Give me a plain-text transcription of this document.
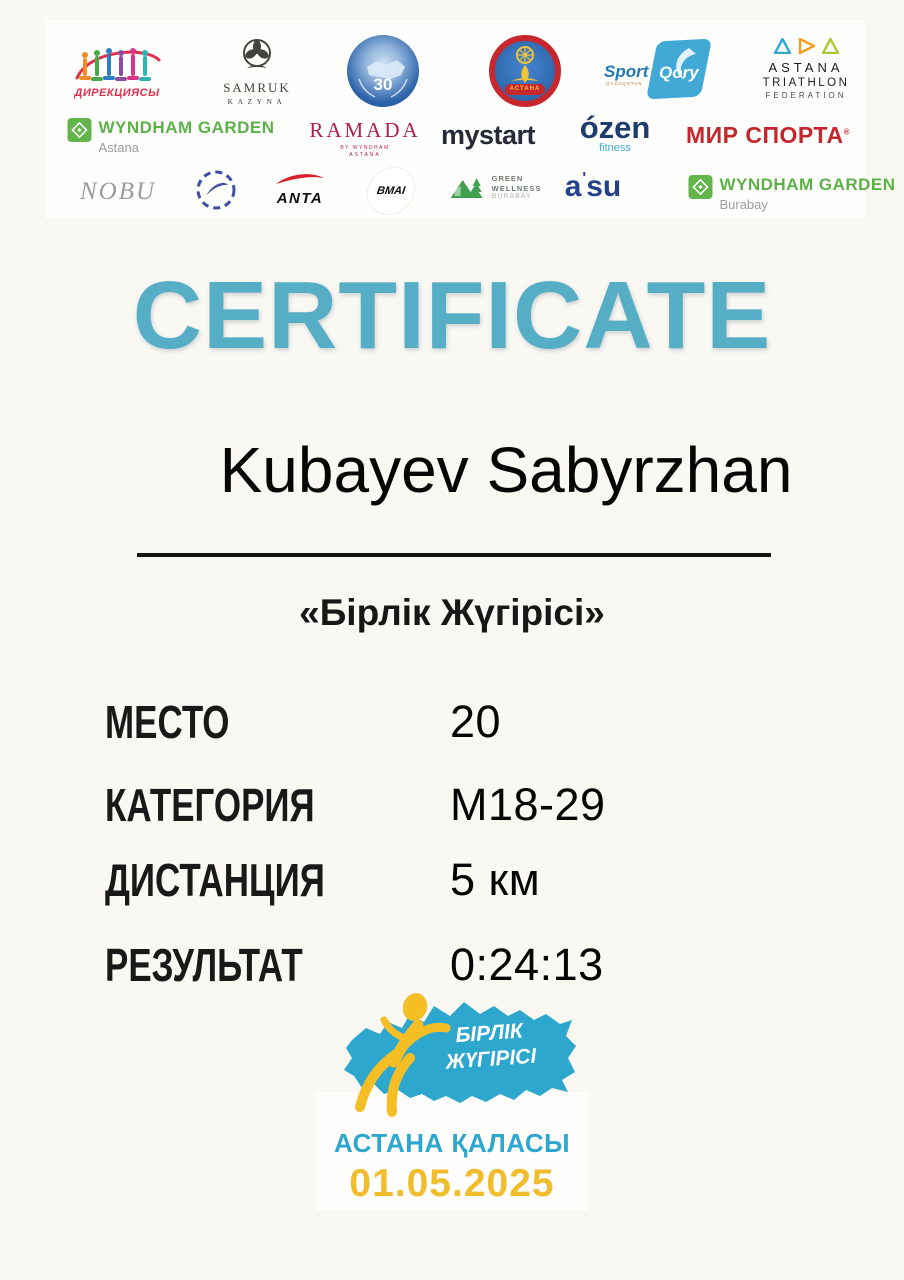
ДИРЕКЦИЯСЫ	SAMRUK
KAZYNA
30	АСТАНА
Sport Qory
QAZAQSTAN
ASTANA
TRIATHLON
FEDERATION
WYNDHAM GARDEN
Astana
RAMADA
BY WYNDHAM
ASTANA
mystart ózen
fitness
МИР СПОРТА®
NOBU	ANTA	BMAI
GREEN
WELLNESS
BURABAY	a'su	WYNDHAM GARDEN
Burabay
CERTIFICATE
Kubayev Sabyrzhan
«Бірлік Жүгірісі»
МЕСТО	20
КАТЕГОРИЯ	M18-29
ДИСТАНЦИЯ	5 км
РЕЗУЛЬТАТ	0:24:13
АСТАНА ҚАЛАСЫ
01.05.2025
БІРЛІК
ЖҮГІРІСІ
